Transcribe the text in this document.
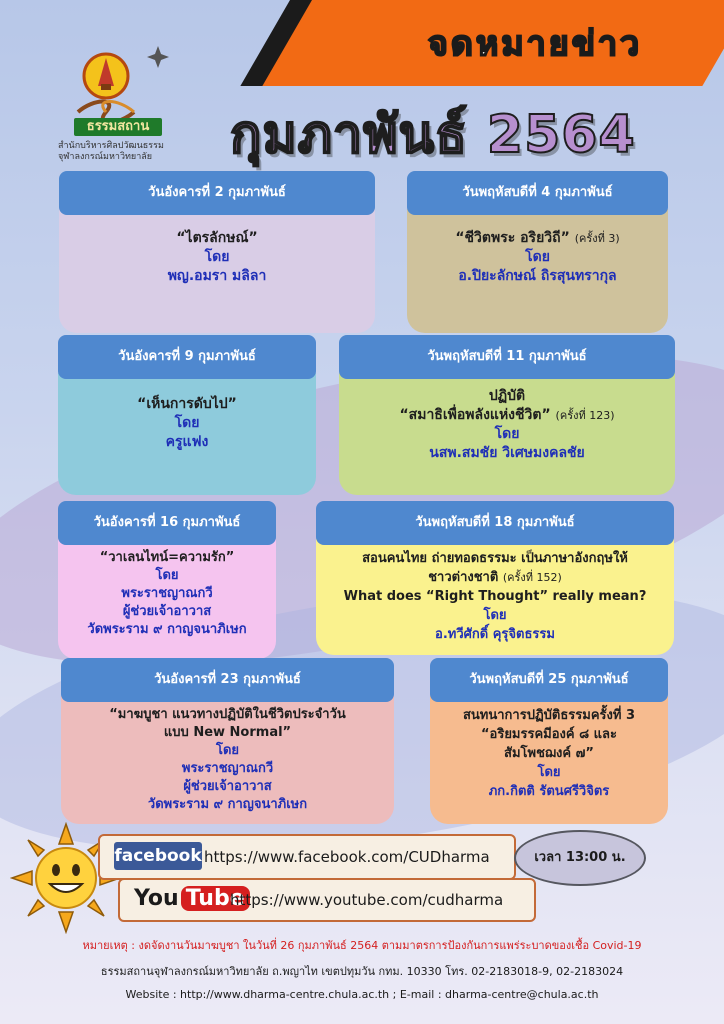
จดหมายข่าว
ธรรมสถาน
สำนักบริหารศิลปวัฒนธรรม
จุฬาลงกรณ์มหาวิทยาลัย	กุมภาพันธ์ 2564
วันอังคารที่ 2 กุมภาพันธ์
“ไตรลักษณ์”
โดย
พญ.อมรา มลิลา
วันพฤหัสบดีที่ 4 กุมภาพันธ์
“ชีวิตพระ อริยวิถี” (ครั้งที่ 3)
โดย
อ.ปิยะลักษณ์ ถิรสุนทรากุล
วันอังคารที่ 9 กุมภาพันธ์
“เห็นการดับไป”
โดย
ครูแฟง
วันพฤหัสบดีที่ 11 กุมภาพันธ์
ปฏิบัติ
“สมาธิเพื่อพลังแห่งชีวิต” (ครั้งที่ 123)
โดย
นสพ.สมชัย วิเศษมงคลชัย
วันอังคารที่ 16 กุมภาพันธ์
“วาเลนไทน์=ความรัก”
โดย
พระราชญาณกวี
ผู้ช่วยเจ้าอาวาส
วัดพระราม ๙ กาญจนาภิเษก
วันพฤหัสบดีที่ 18 กุมภาพันธ์
สอนคนไทย ถ่ายทอดธรรมะ เป็นภาษาอังกฤษให้
ชาวต่างชาติ (ครั้งที่ 152)
What does “Right Thought” really mean?
โดย
อ.ทวีศักดิ์ คุรุจิตธรรม
วันอังคารที่ 23 กุมภาพันธ์
“มาฆบูชา แนวทางปฏิบัติในชีวิตประจำวัน
แบบ New Normal”
โดย
พระราชญาณกวี
ผู้ช่วยเจ้าอาวาส
วัดพระราม ๙ กาญจนาภิเษก
วันพฤหัสบดีที่ 25 กุมภาพันธ์
สนทนาการปฏิบัติธรรมครั้งที่ 3
“อริยมรรคมีองค์ ๘ และ
สัมโพชฌงค์ ๗”
โดย
ภก.กิตติ รัตนศรีวิจิตร
facebook https://www.facebook.com/CUDharma
You Tube
https://www.youtube.com/cudharma
เวลา 13:00 น.
หมายเหตุ : งดจัดงานวันมาฆบูชา ในวันที่ 26 กุมภาพันธ์ 2564 ตามมาตรการป้องกันการแพร่ระบาดของเชื้อ Covid-19
ธรรมสถานจุฬาลงกรณ์มหาวิทยาลัย ถ.พญาไท เขตปทุมวัน กทม. 10330 โทร. 02-2183018-9, 02-2183024
Website : http://www.dharma-centre.chula.ac.th ; E-mail : dharma-centre@chula.ac.th
